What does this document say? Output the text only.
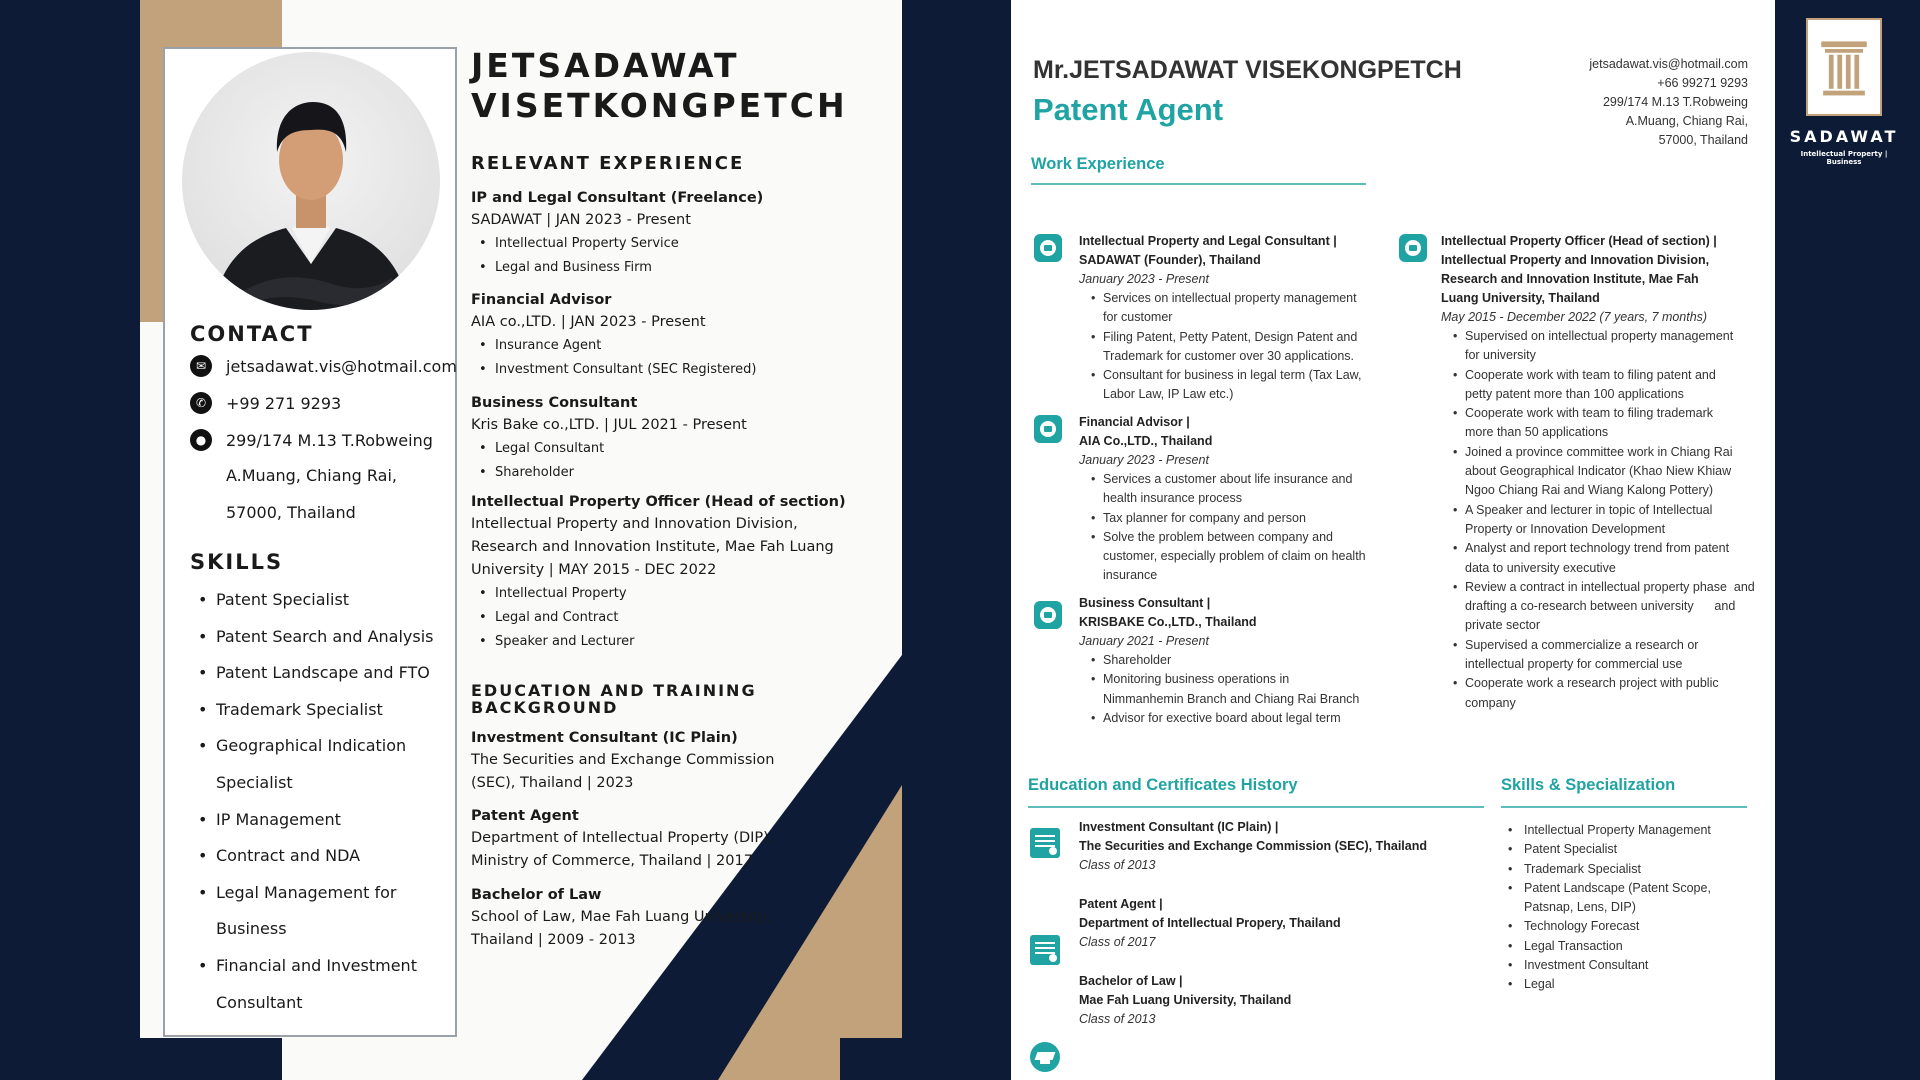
CONTACT
✉	jetsadawat.vis@hotmail.com
✆	+99 271 9293
●	299/174 M.13 T.Robweing
A.Muang, Chiang Rai,
57000, Thailand
SKILLS
• Patent Specialist
• Patent Search and Analysis
• Patent Landscape and FTO
• Trademark Specialist
• Geographical Indication
Specialist
• IP Management
• Contract and NDA
• Legal Management for
Business
• Financial and Investment
Consultant
JETSADAWAT
VISETKONGPETCH
RELEVANT EXPERIENCE
IP and Legal Consultant (Freelance)
SADAWAT | JAN 2023 - Present
• Intellectual Property Service
• Legal and Business Firm
Financial Advisor
AIA co.,LTD. | JAN 2023 - Present
• Insurance Agent
• Investment Consultant (SEC Registered)
Business Consultant
Kris Bake co.,LTD. | JUL 2021 - Present
• Legal Consultant
• Shareholder
Intellectual Property Officer (Head of section)
Intellectual Property and Innovation Division,
Research and Innovation Institute, Mae Fah Luang
University | MAY 2015 - DEC 2022
• Intellectual Property
• Legal and Contract
• Speaker and Lecturer
EDUCATION AND TRAINING
BACKGROUND
Investment Consultant (IC Plain)
The Securities and Exchange Commission
(SEC), Thailand | 2023
Patent Agent
Department of Intellectual Property (DIP),
Ministry of Commerce, Thailand | 2017
Bachelor of Law
School of Law, Mae Fah Luang University,
Thailand | 2009 - 2013
Mr.JETSADAWAT VISEKONGPETCH
Patent Agent
jetsadawat.vis@hotmail.com
+66 99271 9293
299/174 M.13 T.Robweing
A.Muang, Chiang Rai,
57000, Thailand
Work Experience
Intellectual Property and Legal Consultant |
SADAWAT (Founder), Thailand
January 2023 - Present
• Services on intellectual property management
for customer
• Filing Patent, Petty Patent, Design Patent and
Trademark for customer over 30 applications.
• Consultant for business in legal term (Tax Law,
Labor Law, IP Law etc.)
Financial Advisor |
AIA Co.,LTD., Thailand
January 2023 - Present
• Services a customer about life insurance and
health insurance process
• Tax planner for company and person
• Solve the problem between company and
customer, especially problem of claim on health
insurance
Business Consultant |
KRISBAKE Co.,LTD., Thailand
January 2021 - Present
• Shareholder
• Monitoring business operations in
Nimmanhemin Branch and Chiang Rai Branch
• Advisor for exective board about legal term
Intellectual Property Officer (Head of section) |
Intellectual Property and Innovation Division,
Research and Innovation Institute, Mae Fah
Luang University, Thailand
May 2015 - December 2022 (7 years, 7 months)
• Supervised on intellectual property management
for university
• Cooperate work with team to filing patent and
petty patent more than 100 applications
• Cooperate work with team to filing trademark
more than 50 applications
• Joined a province committee work in Chiang Rai
about Geographical Indicator (Khao Niew Khiaw
Ngoo Chiang Rai and Wiang Kalong Pottery)
• A Speaker and lecturer in topic of Intellectual
Property or Innovation Development
• Analyst and report technology trend from patent
data to university executive
• Review a contract in intellectual property phase  and
drafting a co-research between university      and
private sector
• Supervised a commercialize a research or
intellectual property for commercial use
• Cooperate work a research project with public
company
Education and Certificates History
Investment Consultant (IC Plain) |
The Securities and Exchange Commission (SEC), Thailand
Class of 2013
Patent Agent |
Department of Intellectual Propery, Thailand
Class of 2017
Bachelor of Law |
Mae Fah Luang University, Thailand
Class of 2013
Skills & Specialization
• Intellectual Property Management
• Patent Specialist
• Trademark Specialist
• Patent Landscape (Patent Scope,
Patsnap, Lens, DIP)
• Technology Forecast
• Legal Transaction
• Investment Consultant
• Legal
SADAWAT
Intellectual Property | Business
